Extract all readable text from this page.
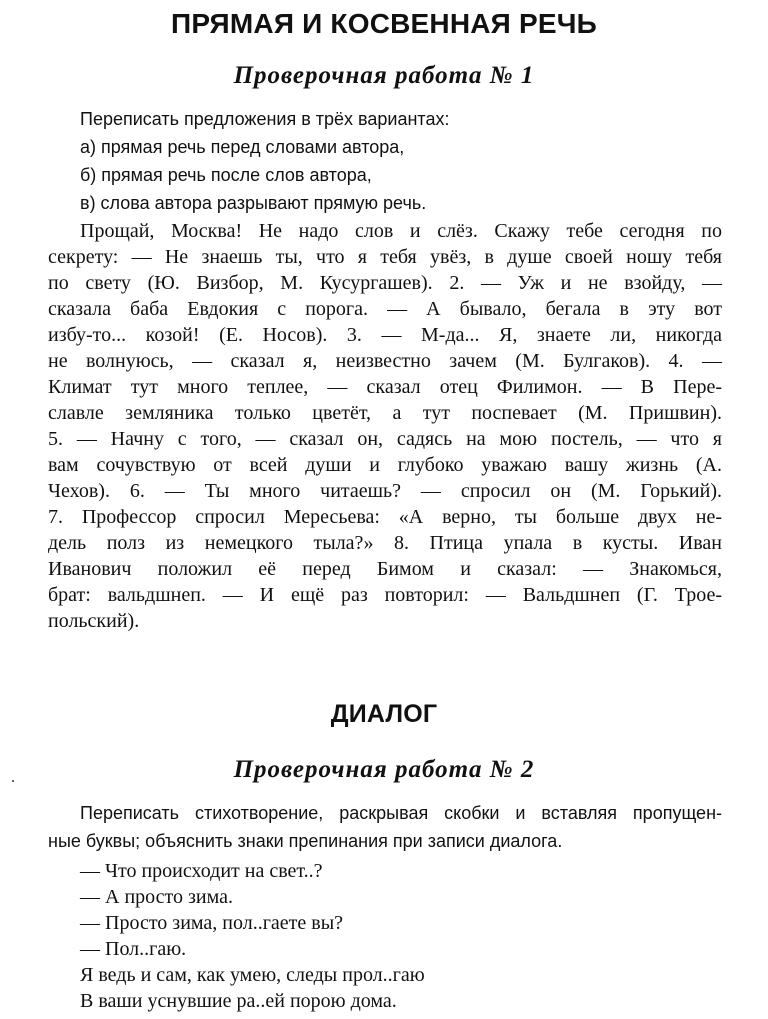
ПРЯМАЯ И КОСВЕННАЯ РЕЧЬ
Проверочная работа № 1
Переписать предложения в трёх вариантах:
а) прямая речь перед словами автора,
б) прямая речь после слов автора,
в) слова автора разрывают прямую речь.
Прощай, Москва! Не надо слов и слёз. Скажу тебе сегодня по
секрету: — Не знаешь ты, что я тебя увёз, в душе своей ношу тебя
по свету (Ю. Визбор, М. Кусургашев). 2. — Уж и не взойду, —
сказала баба Евдокия с порога. — А бывало, бегала в эту вот
избу-то... козой! (Е. Носов). 3. — М-да... Я, знаете ли, никогда
не волнуюсь, — сказал я, неизвестно зачем (М. Булгаков). 4. —
Климат тут много теплее, — сказал отец Филимон. — В Пере-
славле земляника только цветёт, а тут поспевает (М. Пришвин).
5. — Начну с того, — сказал он, садясь на мою постель, — что я
вам сочувствую от всей души и глубоко уважаю вашу жизнь (А.
Чехов). 6. — Ты много читаешь? — спросил он (М. Горький).
7. Профессор спросил Мересьева: «А верно, ты больше двух не-
дель полз из немецкого тыла?» 8. Птица упала в кусты. Иван
Иванович положил её перед Бимом и сказал: — Знакомься,
брат: вальдшнеп. — И ещё раз повторил: — Вальдшнеп (Г. Трое-
польский).
ДИАЛОГ
Проверочная работа № 2
Переписать стихотворение, раскрывая скобки и вставляя пропущен-
ные буквы; объяснить знаки препинания при записи диалога.
— Что происходит на свет..?
— А просто зима.
— Просто зима, пол..гаете вы?
— Пол..гаю.
Я ведь и сам, как умею, следы прол..гаю
В ваши уснувшие ра..ей порою дома.
